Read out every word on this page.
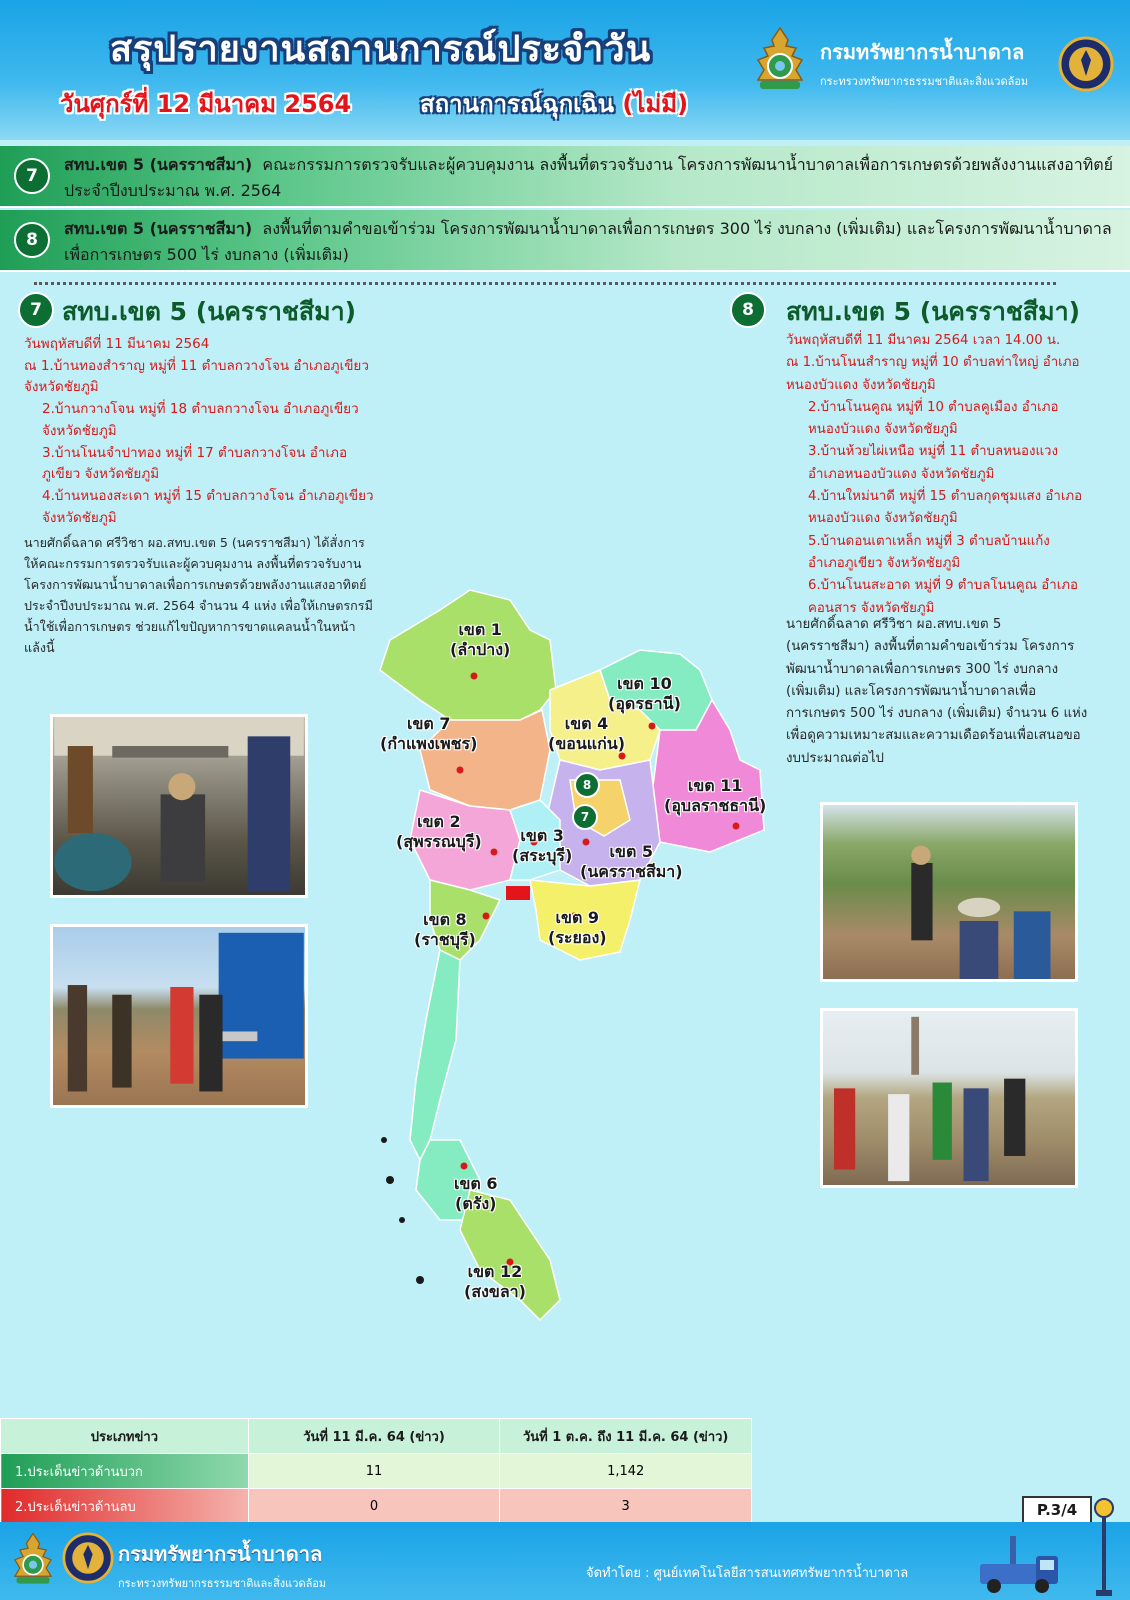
สรุปรายงานสถานการณ์ประจำวัน
วันศุกร์ที่ 12 มีนาคม 2564	สถานการณ์ฉุกเฉิน (ไม่มี)
กรมทรัพยากรน้ำบาดาล
กระทรวงทรัพยากรธรรมชาติและสิ่งแวดล้อม
7
สทบ.เขต 5 (นครราชสีมา) คณะกรรมการตรวจรับและผู้ควบคุมงาน ลงพื้นที่ตรวจรับงาน โครงการพัฒนาน้ำบาดาลเพื่อการเกษตรด้วยพลังงานแสงอาทิตย์ ประจำปีงบประมาณ พ.ศ. 2564
8
สทบ.เขต 5 (นครราชสีมา) ลงพื้นที่ตามคำขอเข้าร่วม โครงการพัฒนาน้ำบาดาลเพื่อการเกษตร 300 ไร่ งบกลาง (เพิ่มเติม) และโครงการพัฒนาน้ำบาดาลเพื่อการเกษตร 500 ไร่ งบกลาง (เพิ่มเติม)
7 สทบ.เขต 5 (นครราชสีมา)

วันพฤหัสบดีที่ 11 มีนาคม 2564

ณ 1.บ้านทองสำราญ หมู่ที่ 11 ตำบลกวางโจน อำเภอภูเขียว จังหวัดชัยภูมิ

2.บ้านกวางโจน หมู่ที่ 18 ตำบลกวางโจน อำเภอภูเขียว จังหวัดชัยภูมิ

3.บ้านโนนจำปาทอง หมู่ที่ 17 ตำบลกวางโจน อำเภอภูเขียว จังหวัดชัยภูมิ

4.บ้านหนองสะเดา หมู่ที่ 15 ตำบลกวางโจน อำเภอภูเขียว จังหวัดชัยภูมิ

นายศักดิ์ฉลาด ศรีวิชา ผอ.สทบ.เขต 5 (นครราชสีมา) ได้สั่งการให้คณะกรรมการตรวจรับและผู้ควบคุมงาน ลงพื้นที่ตรวจรับงาน โครงการพัฒนาน้ำบาดาลเพื่อการเกษตรด้วยพลังงานแสงอาทิตย์ ประจำปีงบประมาณ พ.ศ. 2564 จำนวน 4 แห่ง เพื่อให้เกษตรกรมีน้ำใช้เพื่อการเกษตร ช่วยแก้ไขปัญหาการขาดแคลนน้ำในหน้าแล้งนี้
เขต 1
(ลำปาง)
เขต 10
(อุดรธานี)
เขต 7
(กำแพงเพชร)
เขต 4
(ขอนแก่น)
เขต 11
(อุบลราชธานี)
เขต 2
(สุพรรณบุรี)	เขต 3
(สระบุรี)	เขต 5
(นครราชสีมา)
เขต 8
(ราชบุรี)
เขต 9
(ระยอง)
เขต 6
(ตรัง)
เขต 12
(สงขลา)
8
7
8	สทบ.เขต 5 (นครราชสีมา)

วันพฤหัสบดีที่ 11 มีนาคม 2564 เวลา 14.00 น.

ณ 1.บ้านโนนสำราญ หมู่ที่ 10 ตำบลท่าใหญ่ อำเภอหนองบัวแดง จังหวัดชัยภูมิ

2.บ้านโนนคูณ หมู่ที่ 10 ตำบลคูเมือง อำเภอหนองบัวแดง จังหวัดชัยภูมิ

3.บ้านห้วยไผ่เหนือ หมู่ที่ 11 ตำบลหนองแวง อำเภอหนองบัวแดง จังหวัดชัยภูมิ

4.บ้านใหม่นาดี หมู่ที่ 15 ตำบลกุดชุมแสง อำเภอหนองบัวแดง จังหวัดชัยภูมิ

5.บ้านดอนเตาเหล็ก หมู่ที่ 3 ตำบลบ้านแก้ง อำเภอภูเขียว จังหวัดชัยภูมิ

6.บ้านโนนสะอาด หมู่ที่ 9 ตำบลโนนคูณ อำเภอคอนสาร จังหวัดชัยภูมิ

นายศักดิ์ฉลาด ศรีวิชา ผอ.สทบ.เขต 5 (นครราชสีมา) ลงพื้นที่ตามคำขอเข้าร่วม โครงการพัฒนาน้ำบาดาลเพื่อการเกษตร 300 ไร่ งบกลาง (เพิ่มเติม) และโครงการพัฒนาน้ำบาดาลเพื่อการเกษตร 500 ไร่ งบกลาง (เพิ่มเติม) จำนวน 6 แห่ง เพื่อดูความเหมาะสมและความเดือดร้อนเพื่อเสนอของบประมาณต่อไป
ประเภทข่าว	วันที่ 11 มี.ค. 64 (ข่าว)	วันที่ 1 ต.ค. ถึง 11 มี.ค. 64 (ข่าว)
1.ประเด็นข่าวด้านบวก	11	1,142
2.ประเด็นข่าวด้านลบ	0	3	P.3/4
กรมทรัพยากรน้ำบาดาล
กระทรวงทรัพยากรธรรมชาติและสิ่งแวดล้อม
จัดทำโดย : ศูนย์เทคโนโลยีสารสนเทศทรัพยากรน้ำบาดาล
